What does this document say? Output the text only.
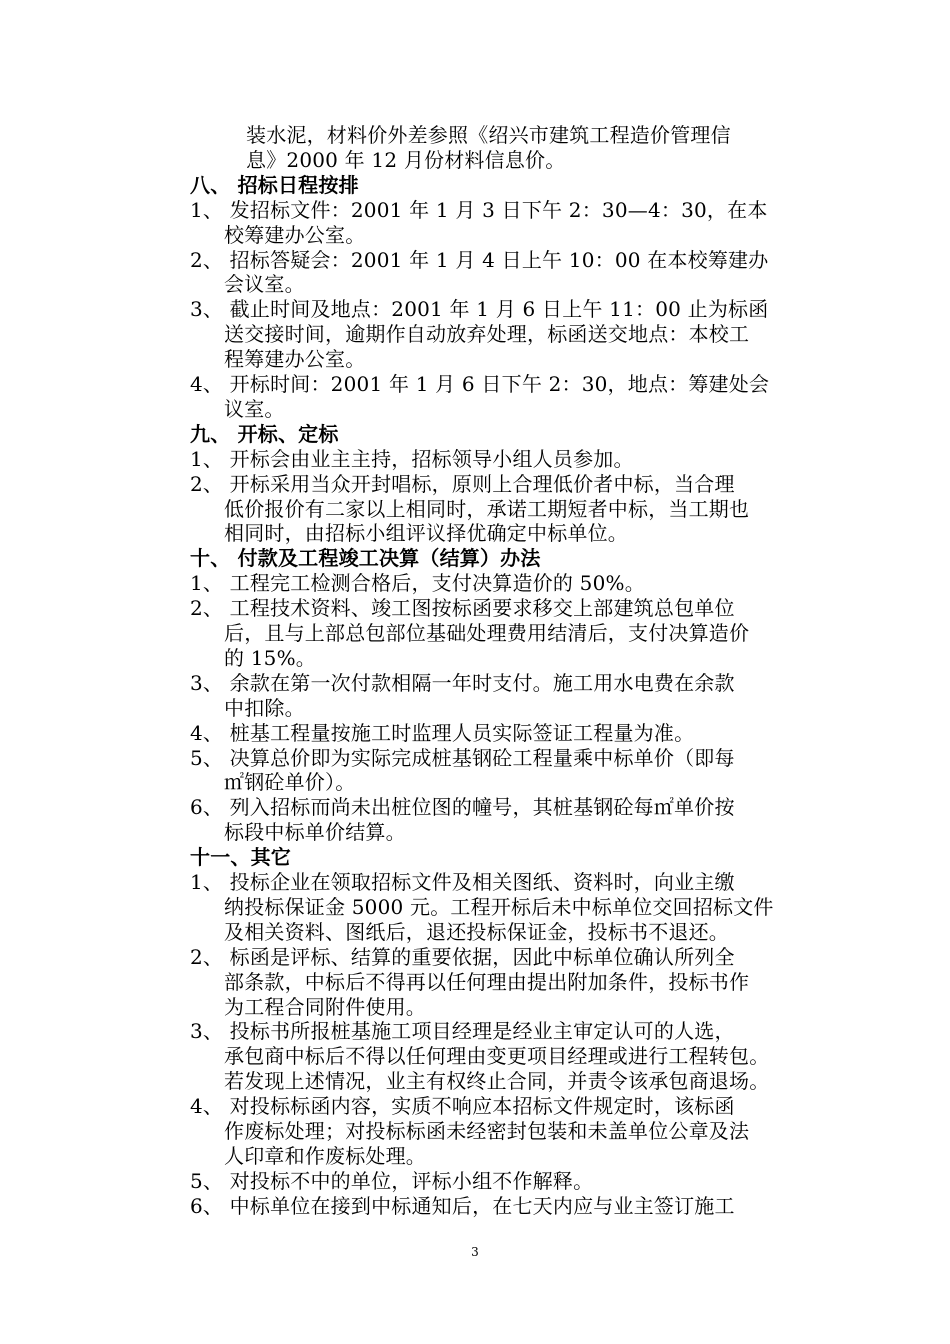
装水泥，材料价外差参照《绍兴市建筑工程造价管理信
息》2000 年 12 月份材料信息价。
八、 招标日程按排
1、 发招标文件：2001 年 1 月 3 日下午 2：30—4：30，在本
校筹建办公室。
2、 招标答疑会：2001 年 1 月 4 日上午 10：00 在本校筹建办
会议室。
3、 截止时间及地点：2001 年 1 月 6 日上午 11：00 止为标函
送交接时间，逾期作自动放弃处理，标函送交地点：本校工
程筹建办公室。
4、 开标时间：2001 年 1 月 6 日下午 2：30，地点：筹建处会
议室。
九、 开标、定标
1、 开标会由业主主持，招标领导小组人员参加。
2、 开标采用当众开封唱标，原则上合理低价者中标，当合理
低价报价有二家以上相同时，承诺工期短者中标，当工期也
相同时，由招标小组评议择优确定中标单位。
十、 付款及工程竣工决算（结算）办法
1、 工程完工检测合格后，支付决算造价的 50%。
2、 工程技术资料、竣工图按标函要求移交上部建筑总包单位
后，且与上部总包部位基础处理费用结清后，支付决算造价
的 15%。
3、 余款在第一次付款相隔一年时支付。施工用水电费在余款
中扣除。
4、 桩基工程量按施工时监理人员实际签证工程量为准。
5、 决算总价即为实际完成桩基钢砼工程量乘中标单价（即每
㎡钢砼单价）。
6、 列入招标而尚未出桩位图的幢号，其桩基钢砼每㎡单价按
标段中标单价结算。
十一、其它
1、 投标企业在领取招标文件及相关图纸、资料时，向业主缴
纳投标保证金 5000 元。工程开标后未中标单位交回招标文件
及相关资料、图纸后，退还投标保证金，投标书不退还。
2、 标函是评标、结算的重要依据，因此中标单位确认所列全
部条款，中标后不得再以任何理由提出附加条件，投标书作
为工程合同附件使用。
3、 投标书所报桩基施工项目经理是经业主审定认可的人选，
承包商中标后不得以任何理由变更项目经理或进行工程转包。
若发现上述情况，业主有权终止合同，并责令该承包商退场。
4、 对投标标函内容，实质不响应本招标文件规定时，该标函
作废标处理；对投标标函未经密封包装和未盖单位公章及法
人印章和作废标处理。
5、 对投标不中的单位，评标小组不作解释。
6、 中标单位在接到中标通知后，在七天内应与业主签订施工
3
